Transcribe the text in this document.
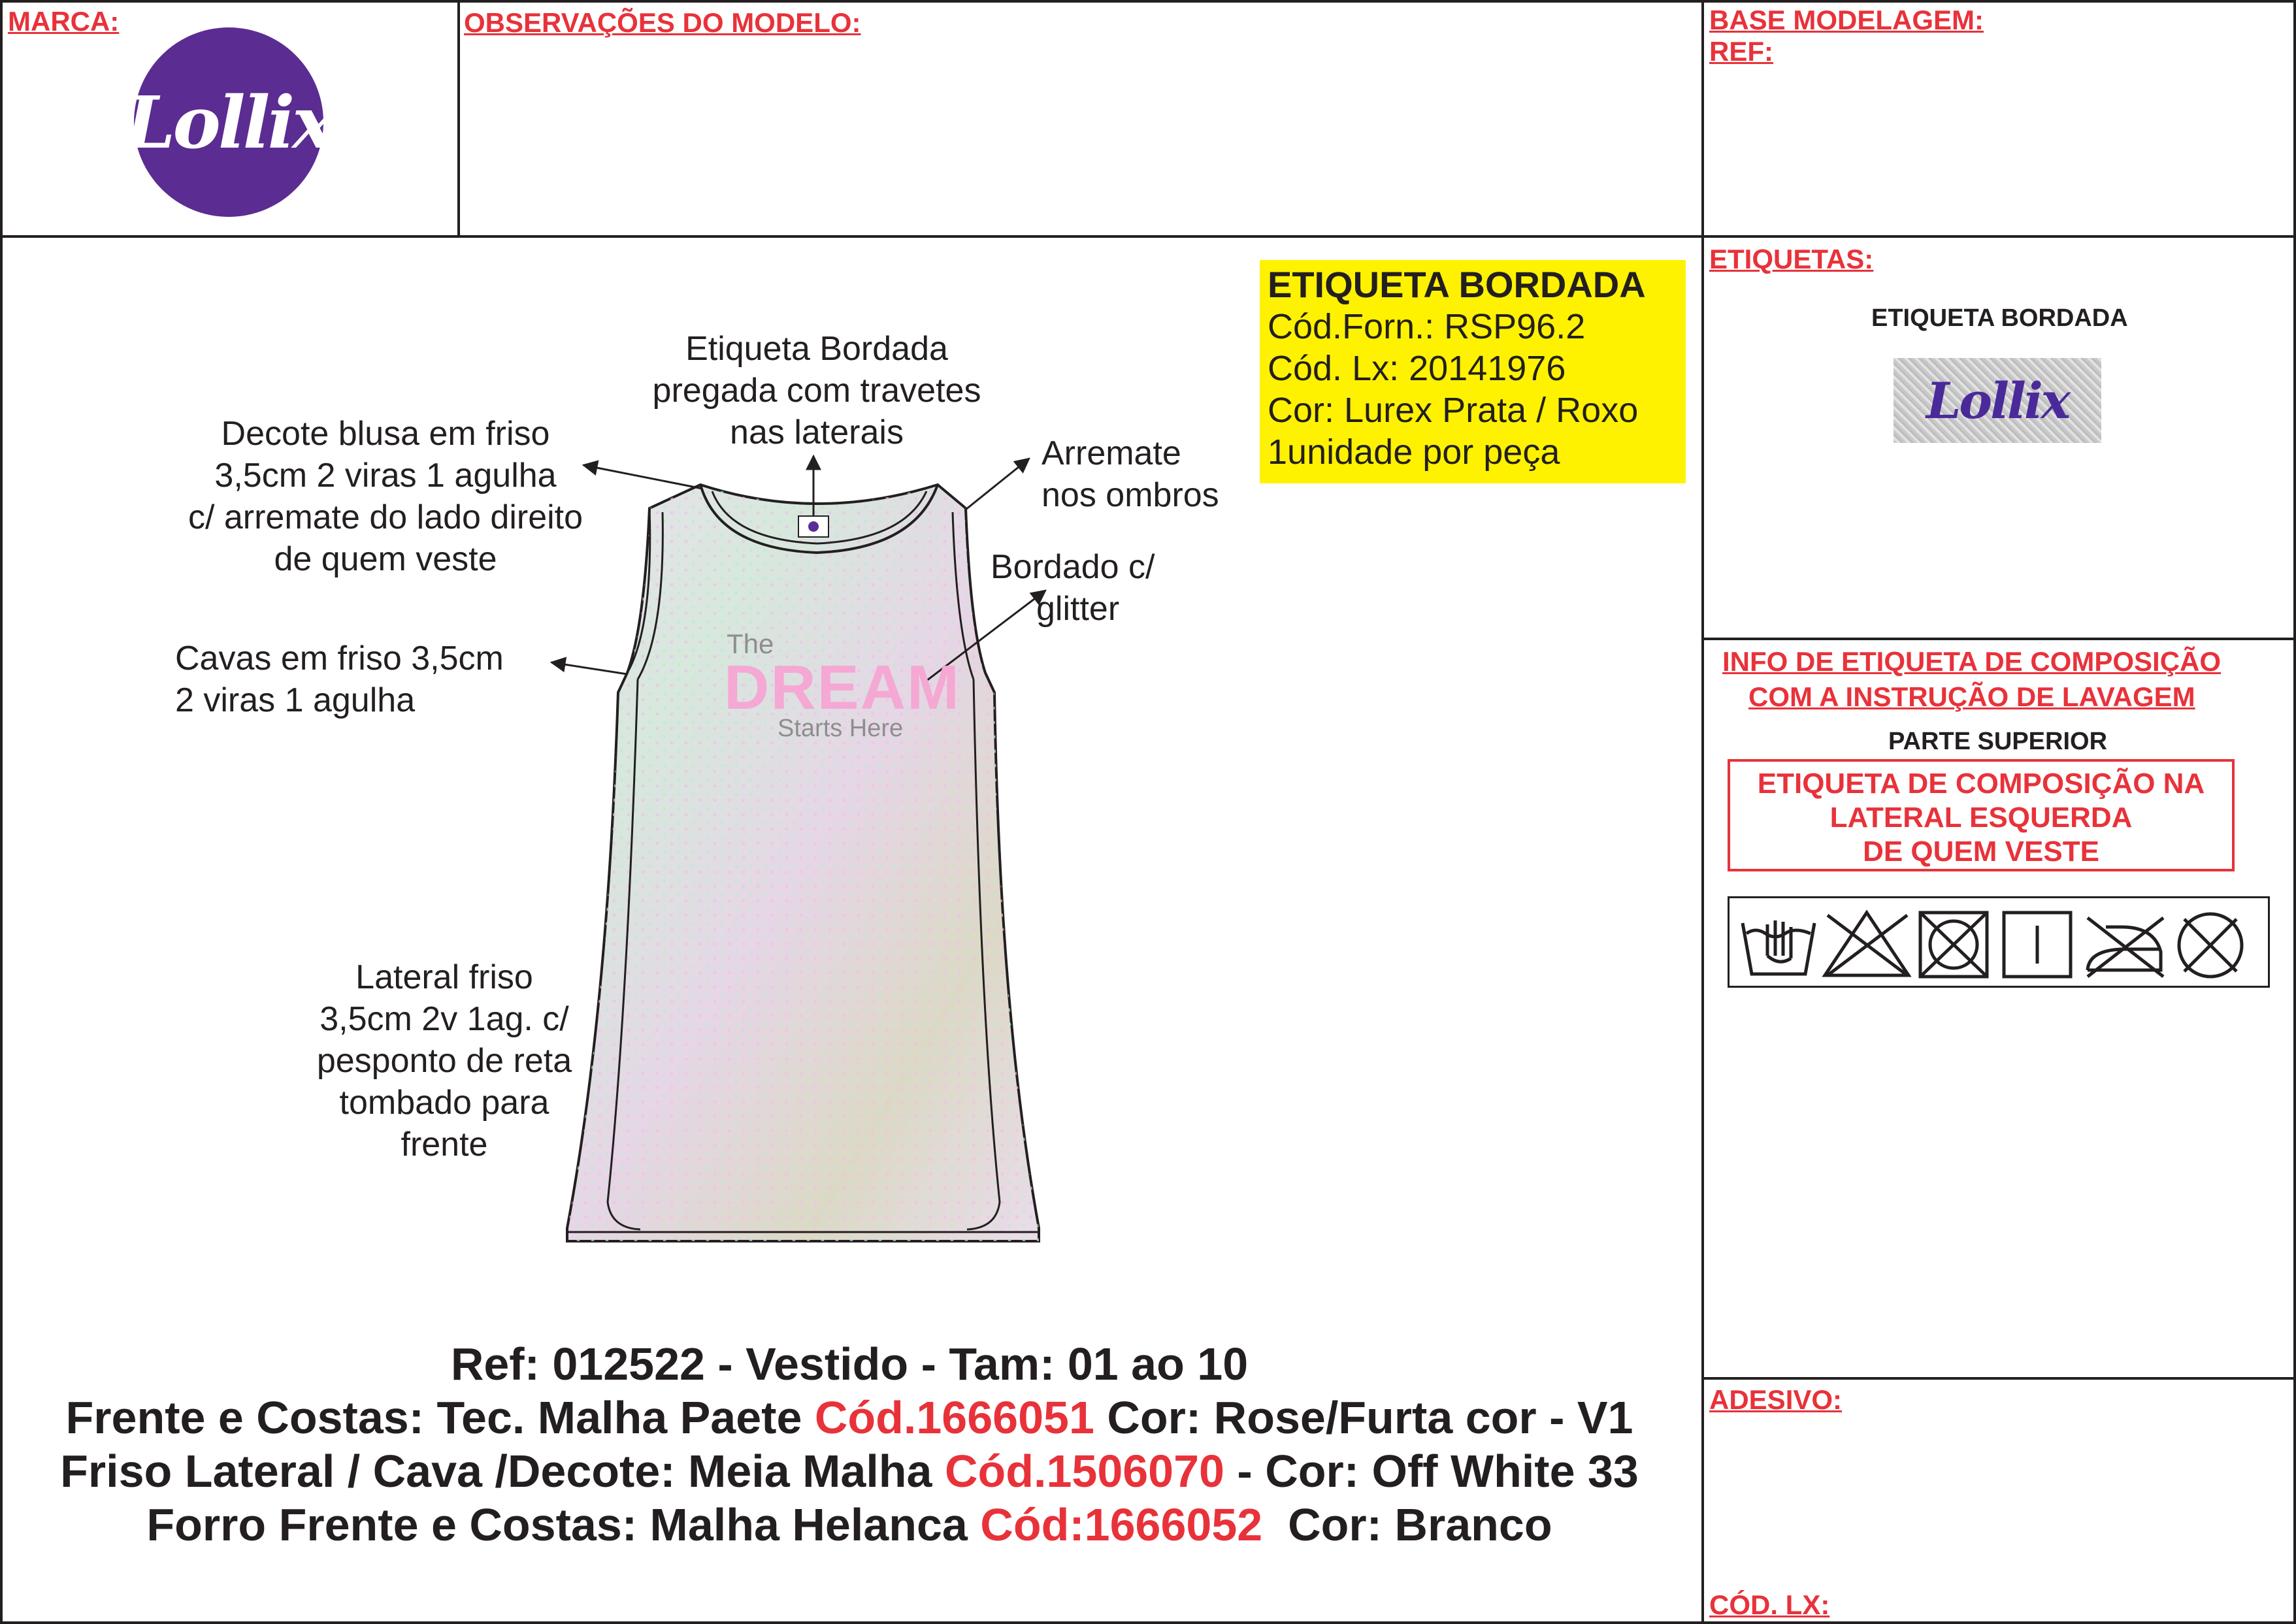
MARCA:
Lollix
OBSERVAÇÕES DO MODELO:	BASE MODELAGEM:
REF:
The
DREAM
Starts Here
Etiqueta Bordada
pregada com travetes
nas laterais
Arremate
nos ombros
Decote blusa em friso
3,5cm 2 viras 1 agulha
c/ arremate do lado direito
de quem veste	Bordado c/
glitter
Cavas em friso 3,5cm
2 viras 1 agulha
Lateral friso
3,5cm 2v 1ag. c/
pesponto de reta
tombado para
frente
ETIQUETA BORDADA
Cód.Forn.: RSP96.2
Cód. Lx: 20141976
Cor: Lurex Prata / Roxo
1unidade por peça
ETIQUETAS:
ETIQUETA BORDADA
Lollix
INFO DE ETIQUETA DE COMPOSIÇÃO
COM A INSTRUÇÃO DE LAVAGEM
PARTE SUPERIOR
ETIQUETA DE COMPOSIÇÃO NA
LATERAL ESQUERDA
DE QUEM VESTE
ADESIVO:
CÓD. LX:
Ref: 012522 - Vestido - Tam: 01 ao 10
Frente e Costas: Tec. Malha Paete Cód.1666051 Cor: Rose/Furta cor - V1
Friso Lateral / Cava /Decote: Meia Malha Cód.1506070 - Cor: Off White 33
Forro Frente e Costas: Malha Helanca Cód:1666052  Cor: Branco
